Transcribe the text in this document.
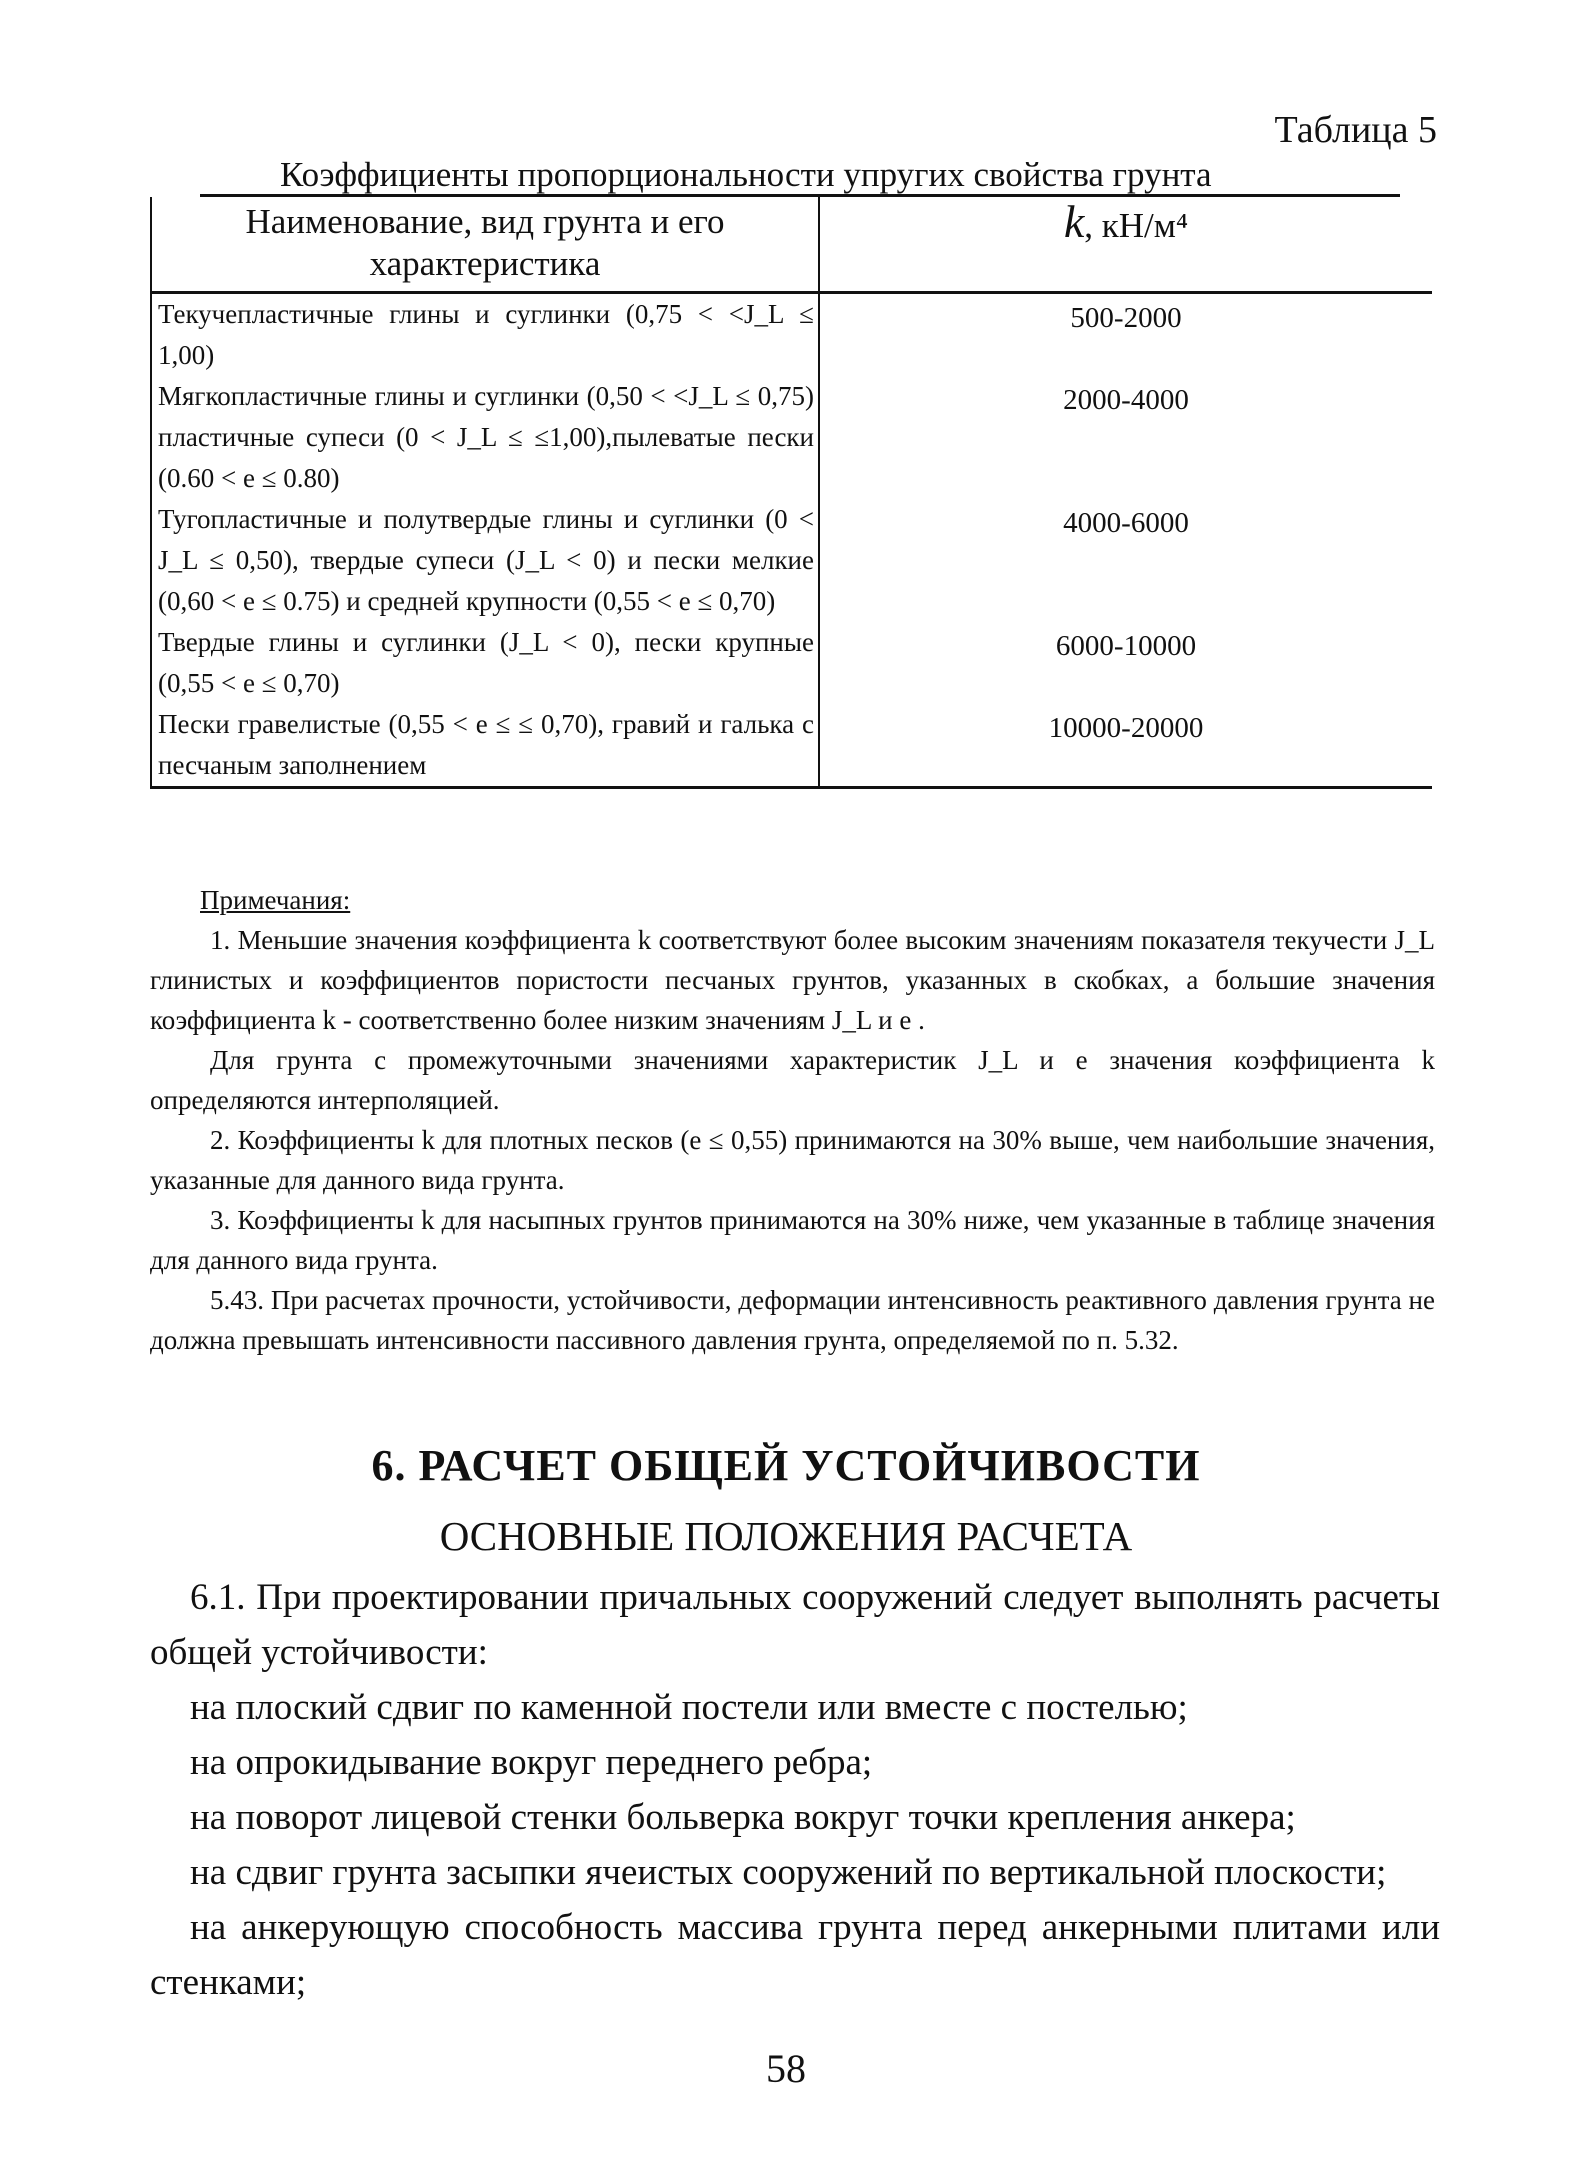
Таблица 5
Коэффициенты пропорциональности упругих свойства грунта
Наименование, вид грунта и его характеристика	k, кН/м⁴
Текучепластичные глины и суглинки (0,75 < <J_L ≤ 1,00)	500-2000
Мягкопластичные глины и суглинки (0,50 < <J_L ≤ 0,75) пластичные супеси (0 < J_L ≤ ≤1,00),пылеватые пески (0.60 < e ≤ 0.80)	2000-4000
Тугопластичные и полутвердые глины и суглинки (0 < J_L ≤ 0,50), твердые супеси (J_L < 0) и пески мелкие (0,60 < e ≤ 0.75) и средней крупности (0,55 < e ≤ 0,70)	4000-6000
Твердые глины и суглинки (J_L < 0), пески крупные (0,55 < e ≤ 0,70)	6000-10000
Пески гравелистые (0,55 < e ≤ ≤ 0,70), гравий и галька с песчаным заполнением	10000-20000

Примечания:

1. Меньшие значения коэффициента k соответствуют более высоким значениям показателя текучести J_L глинистых и коэффициентов пористости песчаных грунтов, указанных в скобках, а большие значения коэффициента k - соответственно более низким значениям J_L и e .

Для грунта с промежуточными значениями характеристик J_L и e значения коэффициента k определяются интерполяцией.

2. Коэффициенты k для плотных песков (e ≤ 0,55) принимаются на 30% выше, чем наибольшие значения, указанные для данного вида грунта.

3. Коэффициенты k для насыпных грунтов принимаются на 30% ниже, чем указанные в таблице значения для данного вида грунта.

5.43. При расчетах прочности, устойчивости, деформации интенсивность реактивного давления грунта не должна превышать интенсивности пассивного давления грунта, определяемой по п. 5.32.

6. РАСЧЕТ ОБЩЕЙ УСТОЙЧИВОСТИ
ОСНОВНЫЕ ПОЛОЖЕНИЯ РАСЧЕТА

6.1. При проектировании причальных сооружений следует выполнять расчеты общей устойчивости:

на плоский сдвиг по каменной постели или вместе с постелью;

на опрокидывание вокруг переднего ребра;

на поворот лицевой стенки больверка вокруг точки крепления анкера;

на сдвиг грунта засыпки ячеистых сооружений по вертикальной плоскости;

на анкерующую способность массива грунта перед анкерными плитами или стенками;

58
